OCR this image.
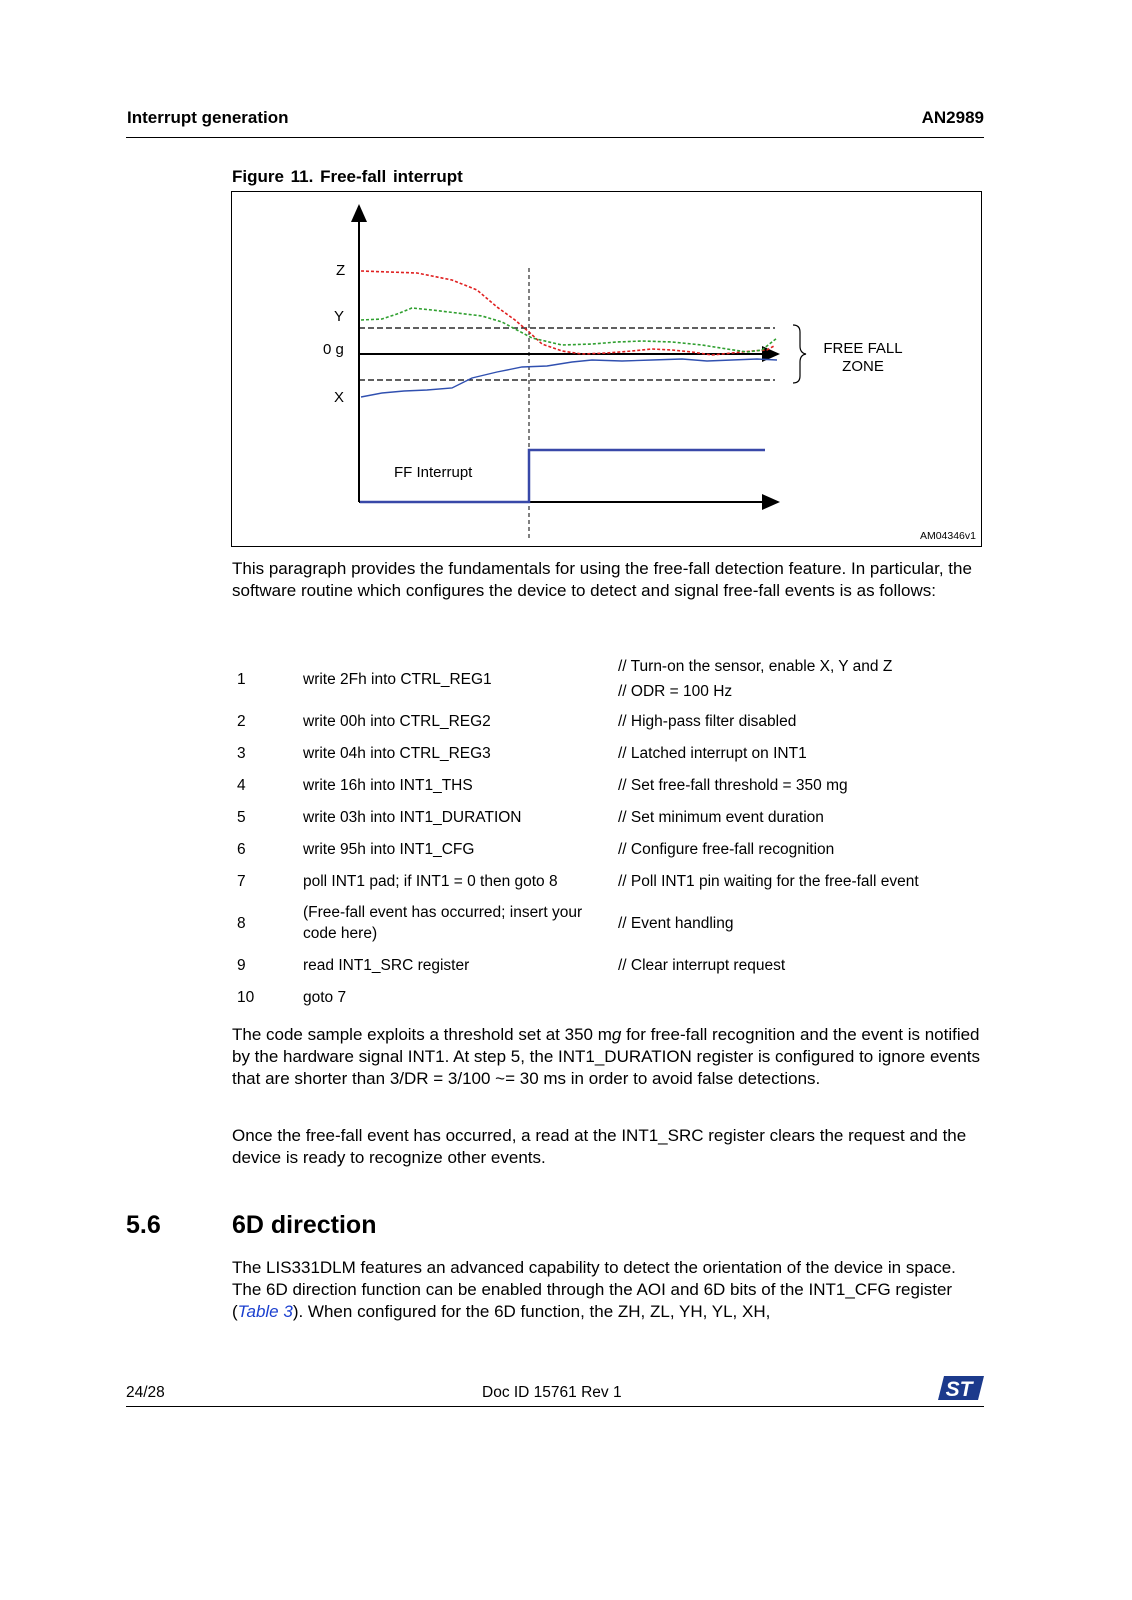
Interrupt generation	AN2989
Figure 11. Free-fall interrupt
Z
Y
0 g
X
FF Interrupt
FREE FALL
ZONE
AM04346v1
This paragraph provides the fundamentals for using the free-fall detection feature. In particular, the software routine which configures the device to detect and signal free-fall events is as follows:
1	write 2Fh into CTRL_REG1	// Turn-on the sensor, enable X, Y and Z
// ODR = 100 Hz

2	write 00h into CTRL_REG2	// High-pass filter disabled
3	write 04h into CTRL_REG3	// Latched interrupt on INT1
4	write 16h into INT1_THS	// Set free-fall threshold = 350 mg
5	write 03h into INT1_DURATION	// Set minimum event duration
6	write 95h into INT1_CFG	// Configure free-fall recognition
7	poll INT1 pad; if INT1 = 0 then goto 8	// Poll INT1 pin waiting for the free-fall event
8	(Free-fall event has occurred; insert your code here)	// Event handling
9	read INT1_SRC register	// Clear interrupt request
10	goto 7	
The code sample exploits a threshold set at 350 mg for free-fall recognition and the event is notified by the hardware signal INT1. At step 5, the INT1_DURATION register is configured to ignore events that are shorter than 3/DR = 3/100 ~= 30 ms in order to avoid false detections.
Once the free-fall event has occurred, a read at the INT1_SRC register clears the request and the device is ready to recognize other events.
5.6	6D direction
The LIS331DLM features an advanced capability to detect the orientation of the device in space. The 6D direction function can be enabled through the AOI and 6D bits of the INT1_CFG register (Table 3). When configured for the 6D function, the ZH, ZL, YH, YL, XH,
24/28	Doc ID 15761 Rev 1	ST
